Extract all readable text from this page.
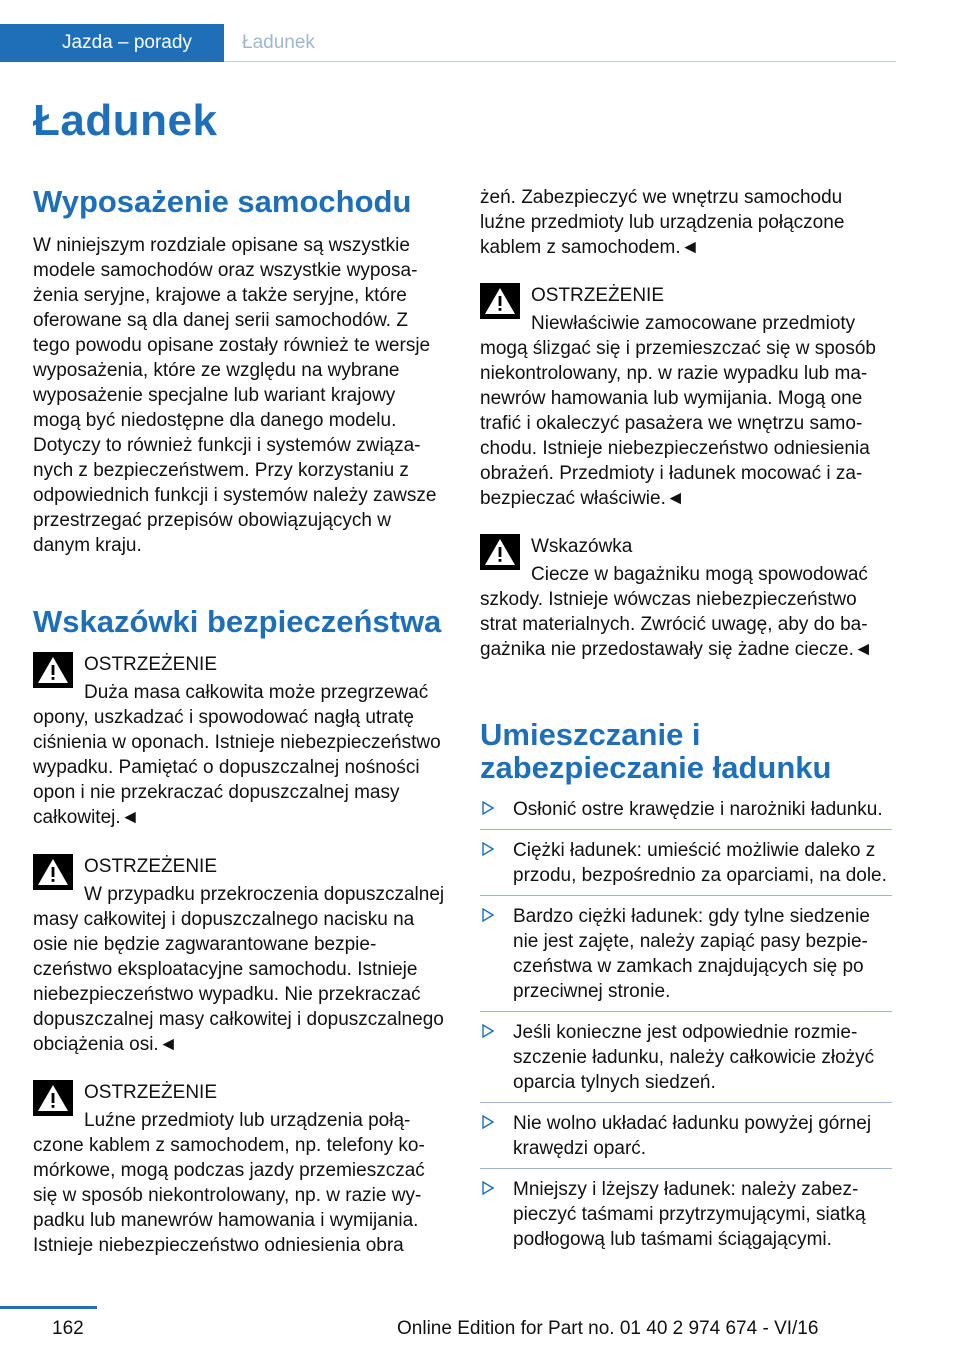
Jazda – porady	Ładunek
Ładunek
Wyposażenie samochodu

W niniejszym rozdziale opisane są wszystkie modele samochodów oraz wszystkie wyposażenia seryjne, krajowe a także seryjne, które oferowane są dla danej serii samochodów. Z tego powodu opisane zostały również te wersje wyposażenia, które ze względu na wybrane wyposażenie specjalne lub wariant krajowy mogą być niedostępne dla danego modelu. Dotyczy to również funkcji i systemów związanych z bezpieczeństwem. Przy korzystaniu z odpowiednich funkcji i systemów należy zawsze przestrzegać przepisów obowiązujących w danym kraju.

Wskazówki bezpieczeństwa
OSTRZEŻENIE
Duża masa całkowita może przegrzewać opony, uszkadzać i spowodować nagłą utratę ciśnienia w oponach. Istnieje niebezpieczeństwo wypadku. Pamiętać o dopuszczalnej nośności opon i nie przekraczać dopuszczalnej masy całkowitej.◄
OSTRZEŻENIE
W przypadku przekroczenia dopuszczalnej masy całkowitej i dopuszczalnego nacisku na osie nie będzie zagwarantowane bezpieczeństwo eksploatacyjne samochodu. Istnieje niebezpieczeństwo wypadku. Nie przekraczać dopuszczalnej masy całkowitej i dopuszczalnego obciążenia osi.◄
OSTRZEŻENIE
Luźne przedmioty lub urządzenia połączone kablem z samochodem, np. telefony komórkowe, mogą podczas jazdy przemieszczać się w sposób niekontrolowany, np. w razie wypadku lub manewrów hamowania i wymijania. Istnieje niebezpieczeństwo odniesienia obra

żeń. Zabezpieczyć we wnętrzu samochodu luźne przedmioty lub urządzenia połączone kablem z samochodem.◄

OSTRZEŻENIE
Niewłaściwie zamocowane przedmioty mogą ślizgać się i przemieszczać się w sposób niekontrolowany, np. w razie wypadku lub manewrów hamowania lub wymijania. Mogą one trafić i okaleczyć pasażera we wnętrzu samochodu. Istnieje niebezpieczeństwo odniesienia obrażeń. Przedmioty i ładunek mocować i zabezpieczać właściwie.◄
Wskazówka
Ciecze w bagażniku mogą spowodować szkody. Istnieje wówczas niebezpieczeństwo strat materialnych. Zwrócić uwagę, aby do bagażnika nie przedostawały się żadne ciecze.◄
Umieszczanie i zabezpieczanie ładunku
Osłonić ostre krawędzie i narożniki ładunku.
Ciężki ładunek: umieścić możliwie daleko z przodu, bezpośrednio za oparciami, na dole.
Bardzo ciężki ładunek: gdy tylne siedzenie nie jest zajęte, należy zapiąć pasy bezpieczeństwa w zamkach znajdujących się po przeciwnej stronie.
Jeśli konieczne jest odpowiednie rozmieszczenie ładunku, należy całkowicie złożyć oparcia tylnych siedzeń.
Nie wolno układać ładunku powyżej górnej krawędzi oparć.
Mniejszy i lżejszy ładunek: należy zabezpieczyć taśmami przytrzymującymi, siatką podłogową lub taśmami ściągającymi.
162	Online Edition for Part no. 01 40 2 974 674 - VI/16
